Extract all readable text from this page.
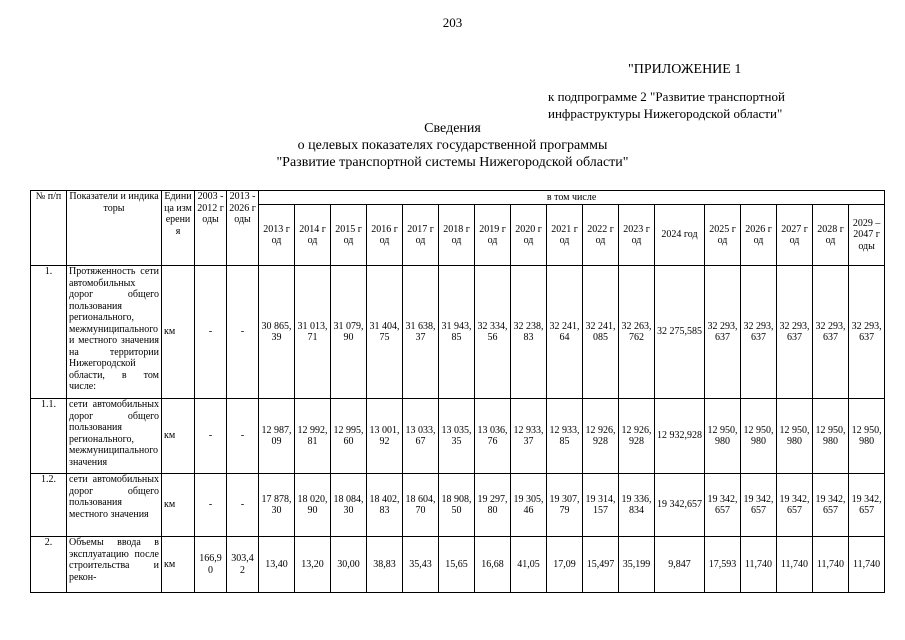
203
"ПРИЛОЖЕНИЕ 1
к подпрограмме 2 "Развитие транспортной
инфраструктуры Нижегородской области"
Сведения
о целевых показателях государственной программы
"Развитие транспортной системы Нижегородской области"
№ п/п	Показатели и индикаторы	Единица измерения	2003 - 2012 годы	2013 - 2026 годы	в том числе																
					2013 год	2014 год	2015 год	2016 год	2017 год	2018 год	2019 год	2020 год	2021 год	2022 год	2023 год	2024 год	2025 год	2026 год	2027 год	2028 год	2029 – 2047 годы
1.	Протяженность сети автомобильных дорог общего пользования регионального, межмуниципального и местного значения на территории Нижегородской области, в том числе:	км	-	-	30 865,39	31 013,71	31 079,90	31 404,75	31 638,37	31 943,85	32 334,56	32 238,83	32 241,64	32 241,085	32 263,762	32 275,585	32 293,637	32 293,637	32 293,637	32 293,637	32 293,637
1.1.	сети автомобильных дорог общего пользования регионального, межмуниципального значения	км	-	-	12 987,09	12 992,81	12 995,60	13 001,92	13 033,67	13 035,35	13 036,76	12 933,37	12 933,85	12 926,928	12 926,928	12 932,928	12 950,980	12 950,980	12 950,980	12 950,980	12 950,980
1.2.	сети автомобильных дорог общего пользования местного значения	км	-	-	17 878,30	18 020,90	18 084,30	18 402,83	18 604,70	18 908,50	19 297,80	19 305,46	19 307,79	19 314,157	19 336,834	19 342,657	19 342,657	19 342,657	19 342,657	19 342,657	19 342,657
2.	Объемы ввода в эксплуатацию после строительства и рекон-	км	166,90	303,42	13,40	13,20	30,00	38,83	35,43	15,65	16,68	41,05	17,09	15,497	35,199	9,847	17,593	11,740	11,740	11,740	11,740
